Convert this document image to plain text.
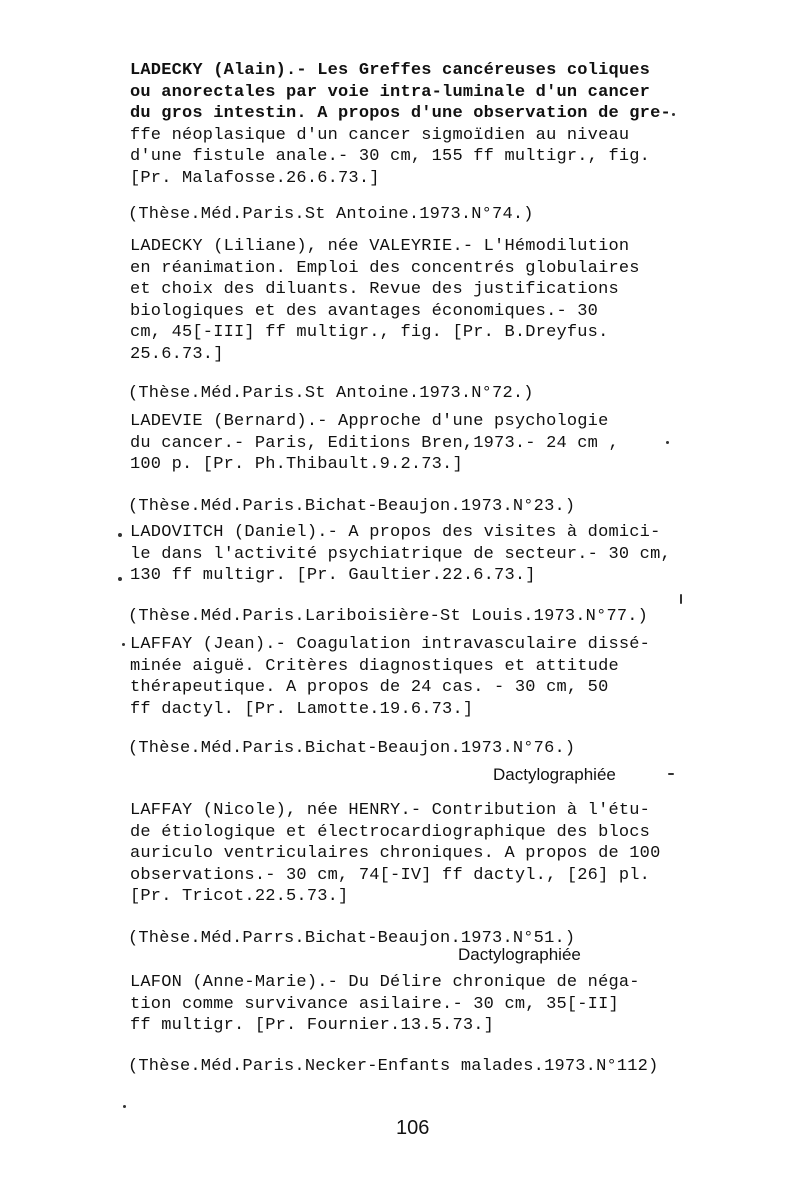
LADECKY (Alain).- Les Greffes cancéreuses coliques
ou anorectales par voie intra-luminale d'un cancer
du gros intestin. A propos d'une observation de gre-
ffe néoplasique d'un cancer sigmoïdien au niveau
d'une fistule anale.- 30 cm, 155 ff multigr., fig.
[Pr. Malafosse.26.6.73.]
(Thèse.Méd.Paris.St Antoine.1973.N°74.)
LADECKY (Liliane), née VALEYRIE.- L'Hémodilution
en réanimation. Emploi des concentrés globulaires
et choix des diluants. Revue des justifications
biologiques et des avantages économiques.- 30
cm, 45[-III] ff multigr., fig. [Pr. B.Dreyfus.
25.6.73.]
(Thèse.Méd.Paris.St Antoine.1973.N°72.)
LADEVIE (Bernard).- Approche d'une psychologie
du cancer.- Paris, Editions Bren,1973.- 24 cm ,
100 p. [Pr. Ph.Thibault.9.2.73.]
(Thèse.Méd.Paris.Bichat-Beaujon.1973.N°23.)
LADOVITCH (Daniel).- A propos des visites à domici-
le dans l'activité psychiatrique de secteur.- 30 cm,
130 ff multigr. [Pr. Gaultier.22.6.73.]
(Thèse.Méd.Paris.Lariboisière-St Louis.1973.N°77.)
LAFFAY (Jean).- Coagulation intravasculaire dissé-
minée aiguë. Critères diagnostiques et attitude
thérapeutique. A propos de 24 cas. - 30 cm, 50
ff dactyl. [Pr. Lamotte.19.6.73.]
(Thèse.Méd.Paris.Bichat-Beaujon.1973.N°76.)
Dactylographiée
LAFFAY (Nicole), née HENRY.- Contribution à l'étu-
de étiologique et électrocardiographique des blocs
auriculo ventriculaires chroniques. A propos de 100
observations.- 30 cm, 74[-IV] ff dactyl., [26] pl.
[Pr. Tricot.22.5.73.]
(Thèse.Méd.Parrs.Bichat-Beaujon.1973.N°51.)
Dactylographiée
LAFON (Anne-Marie).- Du Délire chronique de néga-
tion comme survivance asilaire.- 30 cm, 35[-II]
ff multigr. [Pr. Fournier.13.5.73.]
(Thèse.Méd.Paris.Necker-Enfants malades.1973.N°112)
106
